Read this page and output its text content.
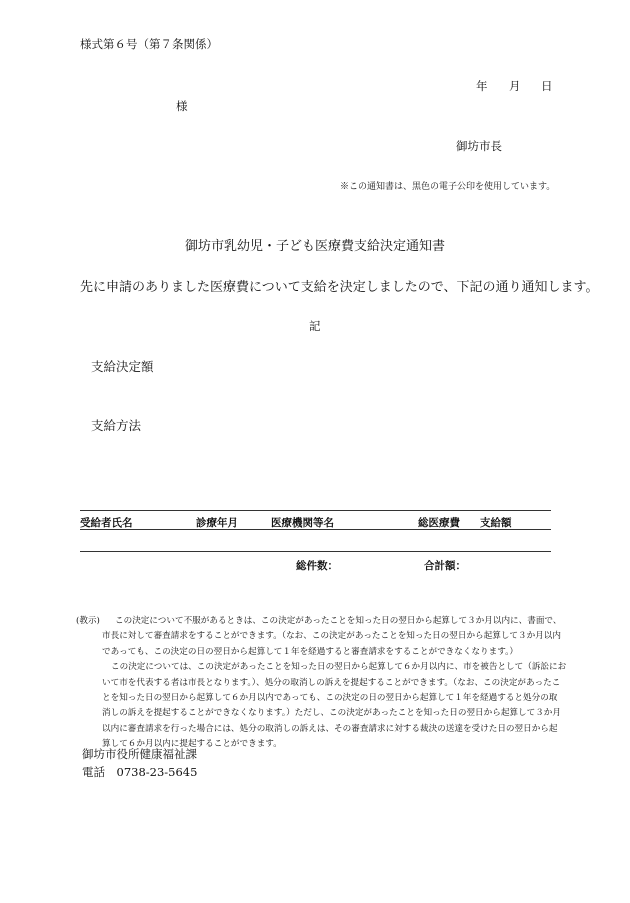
様式第６号（第７条関係）
年 月 日
様
御坊市長
※この通知書は、黒色の電子公印を使用しています。
御坊市乳幼児・子ども医療費支給決定通知書
先に申請のありました医療費について支給を決定しましたので、下記の通り通知します。
記
支給決定額
支給方法
受給者氏名	診療年月	医療機関等名	総医療費 支給額
総件数：	合計額：
(教示) この決定について不服があるときは、この決定があったことを知った日の翌日から起算して３か月以内に、書面で、
市長に対して審査請求をすることができます。（なお、この決定があったことを知った日の翌日から起算して３か月以内
であっても、この決定の日の翌日から起算して１年を経過すると審査請求をすることができなくなります。）
この決定については、この決定があったことを知った日の翌日から起算して６か月以内に、市を被告として（訴訟にお
いて市を代表する者は市長となります。）、処分の取消しの訴えを提起することができます。（なお、この決定があったこ
とを知った日の翌日から起算して６か月以内であっても、この決定の日の翌日から起算して１年を経過すると処分の取
消しの訴えを提起することができなくなります。）ただし、この決定があったことを知った日の翌日から起算して３か月
以内に審査請求を行った場合には、処分の取消しの訴えは、その審査請求に対する裁決の送達を受けた日の翌日から起
算して６か月以内に提起することができます。
御坊市役所健康福祉課
電話　0738-23-5645
